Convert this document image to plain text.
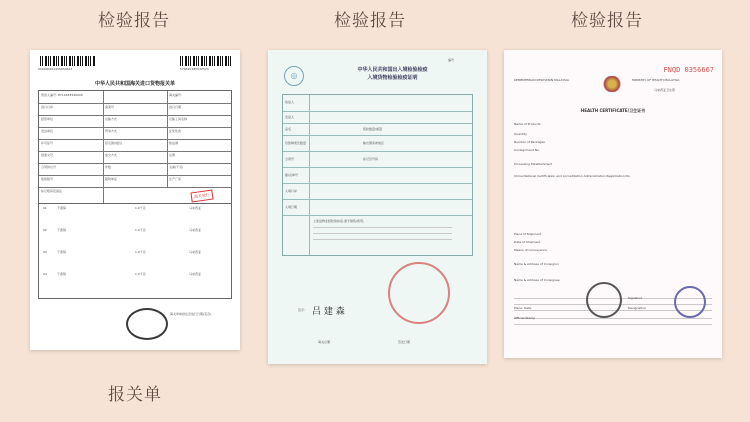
检验报告	检验报告	检验报告
000000201415654523	576520185532523
中华人民共和国海关进口货物报关单
预录入编号: 8710183540000	海关编号:
进口口岸	备案号	进口日期
经营单位	运输方式	运输工具名称
发货单位	贸易方式	征免性质
许可证号	起运国(地区)	装货港
批准文号	成交方式	运费
合同协议号	件数	毛重(千克)
集装箱号	随附单证	生产厂家
标记唛码及备注
海关放行
01	干燕窝	1.0千克	马来西亚
02	干燕窝	1.0千克	马来西亚
03	干燕窝	1.0千克	马来西亚
04	干燕窝	1.0千克	马来西亚
海关审单批注及放行日期(签章)
报关单
◎
中华人民共和国出入境检验检疫
入境货物检验检疫证明
编号
收货人
发货人
品名	报检数量/重量
包装种类及数量	输出国家或地区
合同号	标记及号码
提/运单号
入境口岸
入境日期
上述货物业经检验检疫,准予销售/使用。
签字: 吕 建 森
海关总署	签发日期
FNQD 0356667
KEMENTERIAN KESIHATAN MALAYSIA	MINISTRY OF HEALTH MALAYSIA
马来西亚卫生部
HEALTH CERTIFICATE/卫生证书
Name of Products
Quantity
Number of Packages
Consignment No.
Processing Establishment
China National Certification and Accreditation Administration Registration No.
Place of Shipment
Date of Shipment
Means of Conveyance
Name & Address of Consignor
Name & Address of Consignee
Place: Date:
Official Stamp
Signature
Designation
